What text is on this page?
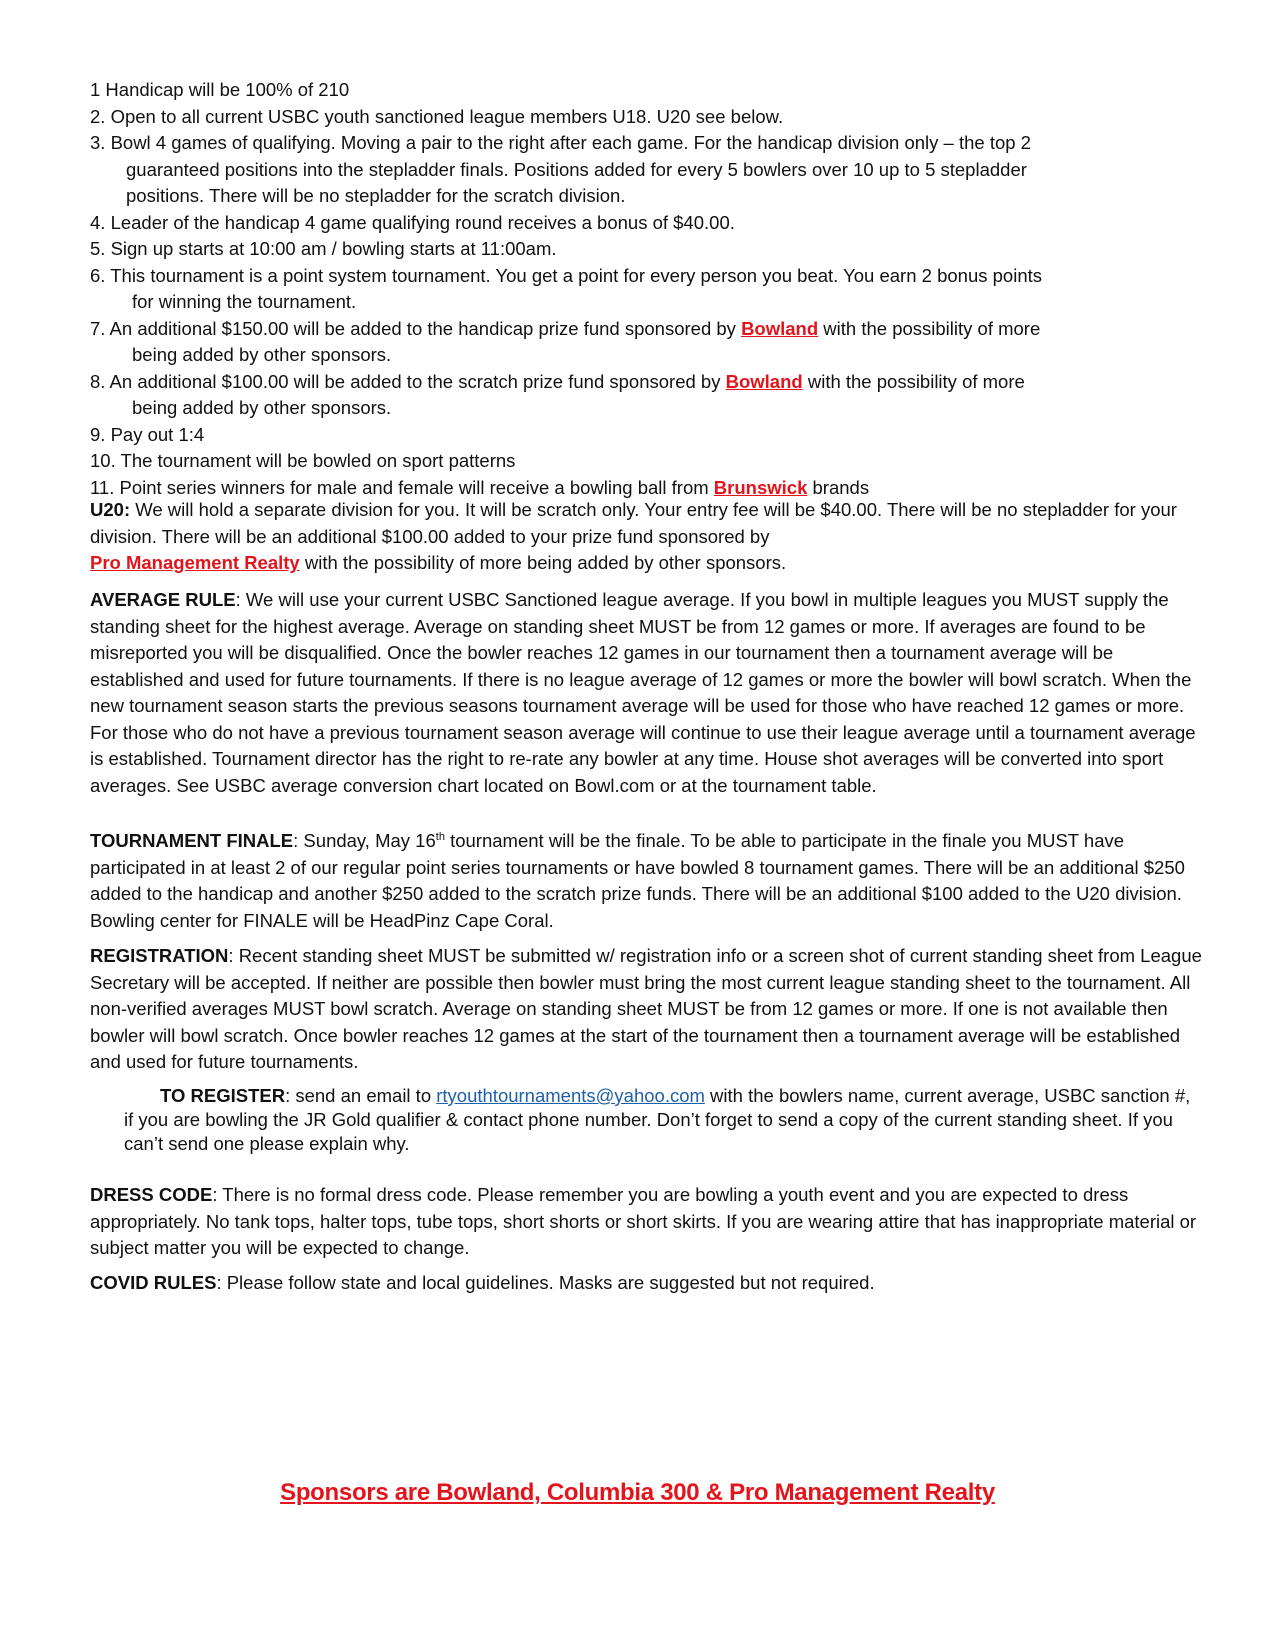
1 Handicap will be 100% of 210
2. Open to all current USBC youth sanctioned league members U18. U20 see below.
3. Bowl 4 games of qualifying. Moving a pair to the right after each game. For the handicap division only – the top 2
guaranteed positions into the stepladder finals. Positions added for every 5 bowlers over 10 up to 5 stepladder
positions. There will be no stepladder for the scratch division.
4. Leader of the handicap 4 game qualifying round receives a bonus of $40.00.
5. Sign up starts at 10:00 am / bowling starts at 11:00am.
6. This tournament is a point system tournament. You get a point for every person you beat. You earn 2 bonus points
for winning the tournament.
7. An additional $150.00 will be added to the handicap prize fund sponsored by Bowland with the possibility of more
being added by other sponsors.
8. An additional $100.00 will be added to the scratch prize fund sponsored by Bowland with the possibility of more
being added by other sponsors.
9. Pay out 1:4
10. The tournament will be bowled on sport patterns
11. Point series winners for male and female will receive a bowling ball from Brunswick brands

U20: We will hold a separate division for you. It will be scratch only. Your entry fee will be $40.00. There will be no stepladder for your division. There will be an additional $100.00 added to your prize fund sponsored by
Pro Management Realty with the possibility of more being added by other sponsors.

AVERAGE RULE: We will use your current USBC Sanctioned league average. If you bowl in multiple leagues you MUST supply the standing sheet for the highest average. Average on standing sheet MUST be from 12 games or more. If averages are found to be misreported you will be disqualified. Once the bowler reaches 12 games in our tournament then a tournament average will be established and used for future tournaments. If there is no league average of 12 games or more the bowler will bowl scratch. When the new tournament season starts the previous seasons tournament average will be used for those who have reached 12 games or more. For those who do not have a previous tournament season average will continue to use their league average until a tournament average is established. Tournament director has the right to re-rate any bowler at any time. House shot averages will be converted into sport averages. See USBC average conversion chart located on Bowl.com or at the tournament table.

TOURNAMENT FINALE: Sunday, May 16th tournament will be the finale. To be able to participate in the finale you MUST have participated in at least 2 of our regular point series tournaments or have bowled 8 tournament games. There will be an additional $250 added to the handicap and another $250 added to the scratch prize funds. There will be an additional $100 added to the U20 division. Bowling center for FINALE will be HeadPinz Cape Coral.

REGISTRATION: Recent standing sheet MUST be submitted w/ registration info or a screen shot of current standing sheet from League Secretary will be accepted. If neither are possible then bowler must bring the most current league standing sheet to the tournament. All non-verified averages MUST bowl scratch. Average on standing sheet MUST be from 12 games or more. If one is not available then bowler will bowl scratch. Once bowler reaches 12 games at the start of the tournament then a tournament average will be established and used for future tournaments.

TO REGISTER: send an email to rtyouthtournaments@yahoo.com with the bowlers name, current average, USBC sanction #, if you are bowling the JR Gold qualifier & contact phone number. Don’t forget to send a copy of the current standing sheet. If you can’t send one please explain why.

DRESS CODE: There is no formal dress code. Please remember you are bowling a youth event and you are expected to dress appropriately. No tank tops, halter tops, tube tops, short shorts or short skirts. If you are wearing attire that has inappropriate material or subject matter you will be expected to change.

COVID RULES: Please follow state and local guidelines. Masks are suggested but not required.

Sponsors are Bowland, Columbia 300 & Pro Management Realty
